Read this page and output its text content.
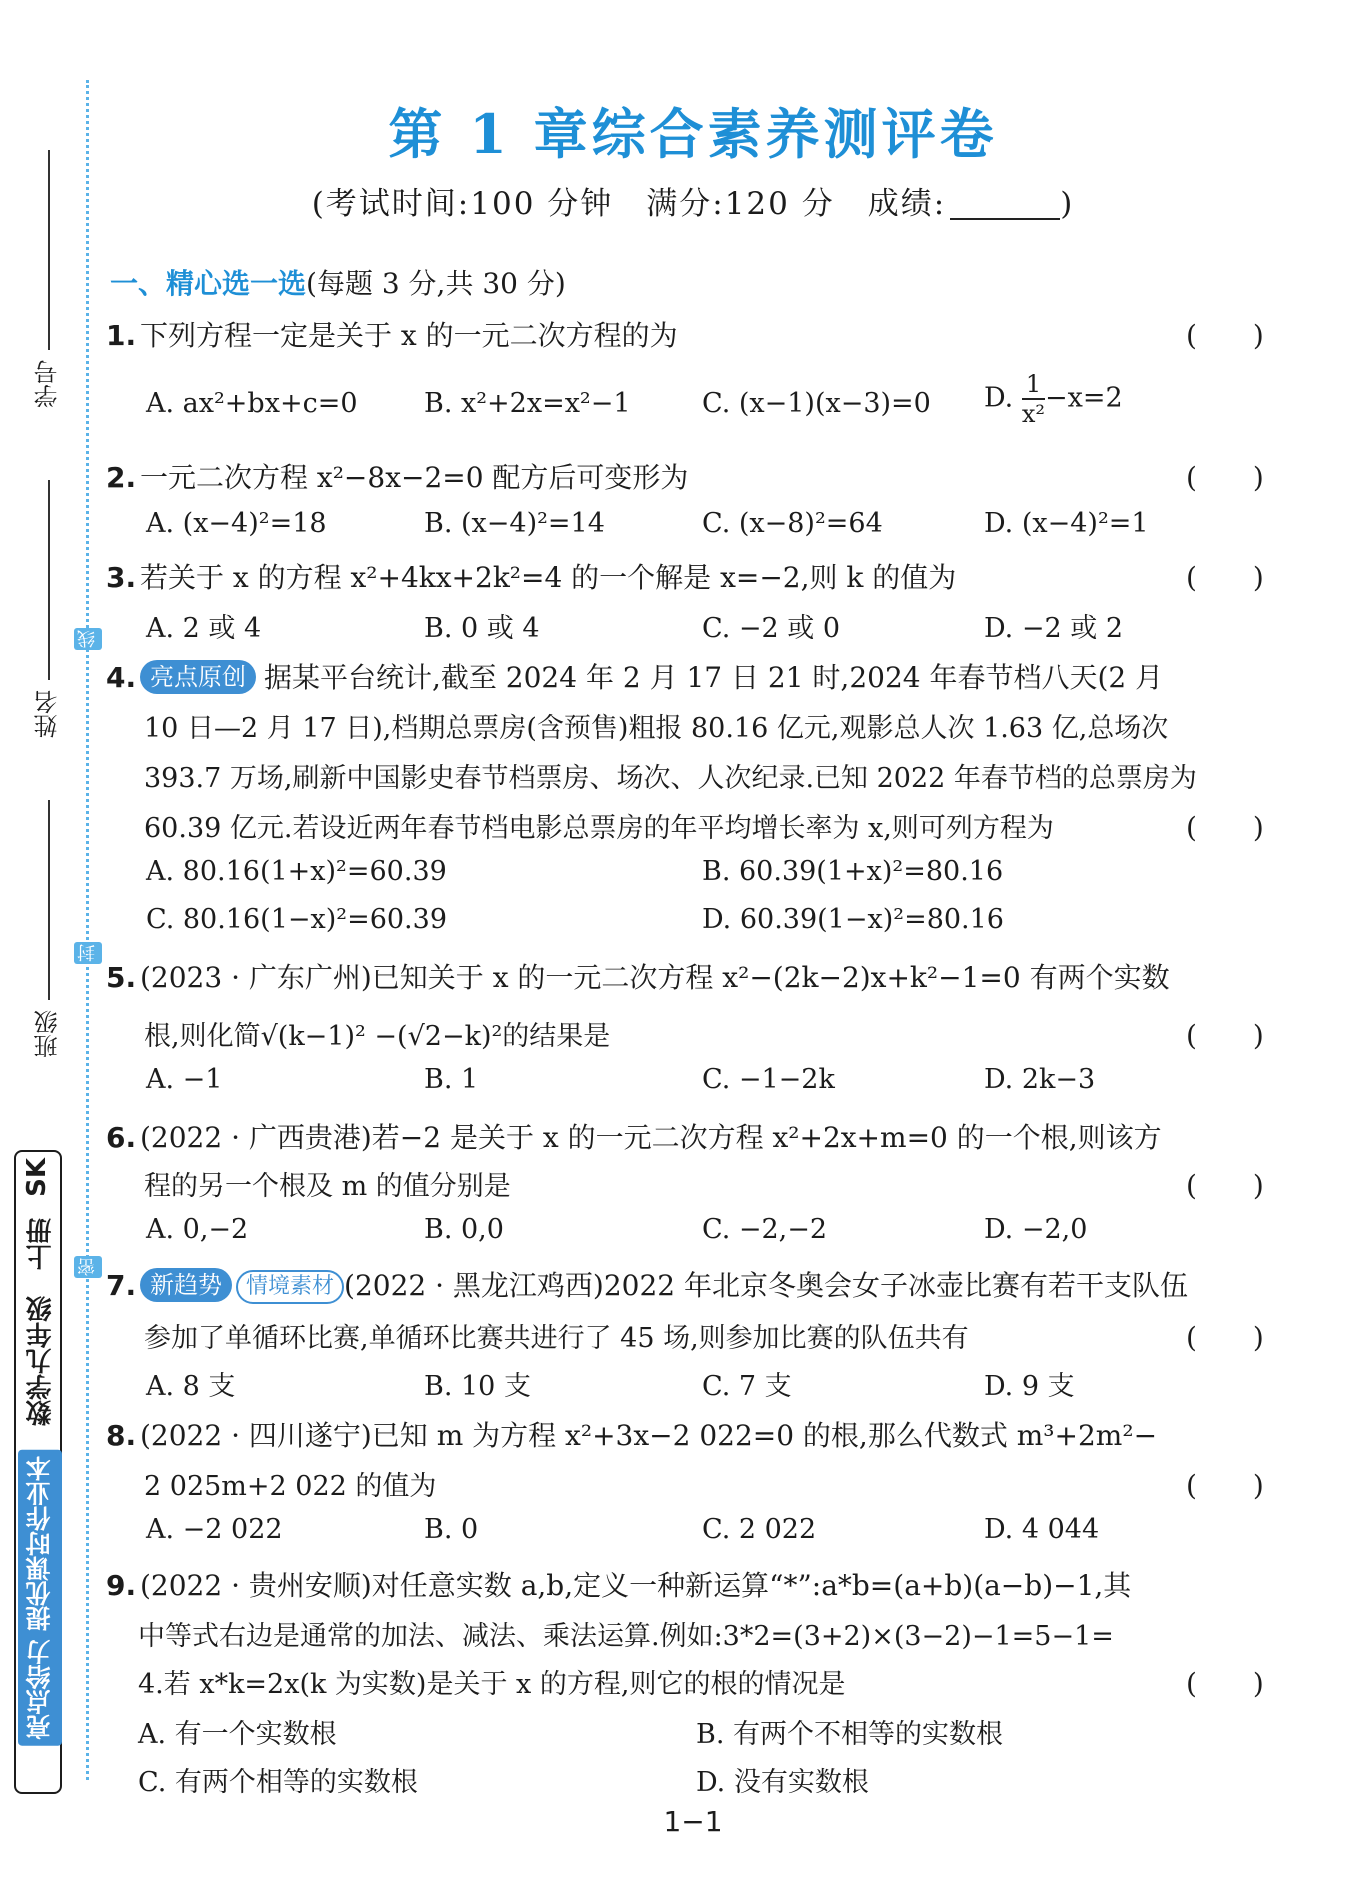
学号
姓名
班级
线
封
密
SK
上册
数学九年级
亮点给力 提优课时作业本
第 1 章综合素养测评卷
(考试时间:100 分钟　满分:120 分　成绩:	)
一、精心选一选(每题 3 分,共 30 分)
1. 下列方程一定是关于 x 的一元二次方程的为	(　　)
A. ax²+bx+c=0 B. x²+2x=x²−1	C. (x−1)(x−3)=0 D. $\frac{1}{\text{x²}}-x=2$
2. 一元二次方程 x²−8x−2=0 配方后可变形为	(　　)
A. (x−4)²=18	B. (x−4)²=14	C. (x−8)²=64	D. (x−4)²=1
3. 若关于 x 的方程 x²+4kx+2k²=4 的一个解是 x=−2,则 k 的值为	(　　)
A. 2 或 4	B. 0 或 4	C. −2 或 0	D. −2 或 2
4. 亮点原创 据某平台统计,截至 2024 年 2 月 17 日 21 时,2024 年春节档八天(2 月
10 日—2 月 17 日),档期总票房(含预售)粗报 80.16 亿元,观影总人次 1.63 亿,总场次
393.7 万场,刷新中国影史春节档票房、场次、人次纪录.已知 2022 年春节档的总票房为
60.39 亿元.若设近两年春节档电影总票房的年平均增长率为 x,则可列方程为	(　　)
A. 80.16(1+x)²=60.39	B. 60.39(1+x)²=80.16
C. 80.16(1−x)²=60.39	D. 60.39(1−x)²=80.16
5. (2023 · 广东广州)已知关于 x 的一元二次方程 x²−(2k−2)x+k²−1=0 有两个实数
根,则化简√(k−1)² −(√2−k)²的结果是	(　　)
A. −1	B. 1	C. −1−2k	D. 2k−3
6. (2022 · 广西贵港)若−2 是关于 x 的一元二次方程 x²+2x+m=0 的一个根,则该方
程的另一个根及 m 的值分别是	(　　)
A. 0,−2	B. 0,0	C. −2,−2	D. −2,0
7. 新趋势 情境素材 (2022 · 黑龙江鸡西)2022 年北京冬奥会女子冰壶比赛有若干支队伍
参加了单循环比赛,单循环比赛共进行了 45 场,则参加比赛的队伍共有	(　　)
A. 8 支	B. 10 支	C. 7 支	D. 9 支
8. (2022 · 四川遂宁)已知 m 为方程 x²+3x−2 022=0 的根,那么代数式 m³+2m²−
2 025m+2 022 的值为	(　　)
A. −2 022	B. 0	C. 2 022	D. 4 044
9. (2022 · 贵州安顺)对任意实数 a,b,定义一种新运算“*”:a*b=(a+b)(a−b)−1,其
中等式右边是通常的加法、减法、乘法运算.例如:3*2=(3+2)×(3−2)−1=5−1=
4.若 x*k=2x(k 为实数)是关于 x 的方程,则它的根的情况是	(　　)
A. 有一个实数根	B. 有两个不相等的实数根
C. 有两个相等的实数根	D. 没有实数根
1−1
